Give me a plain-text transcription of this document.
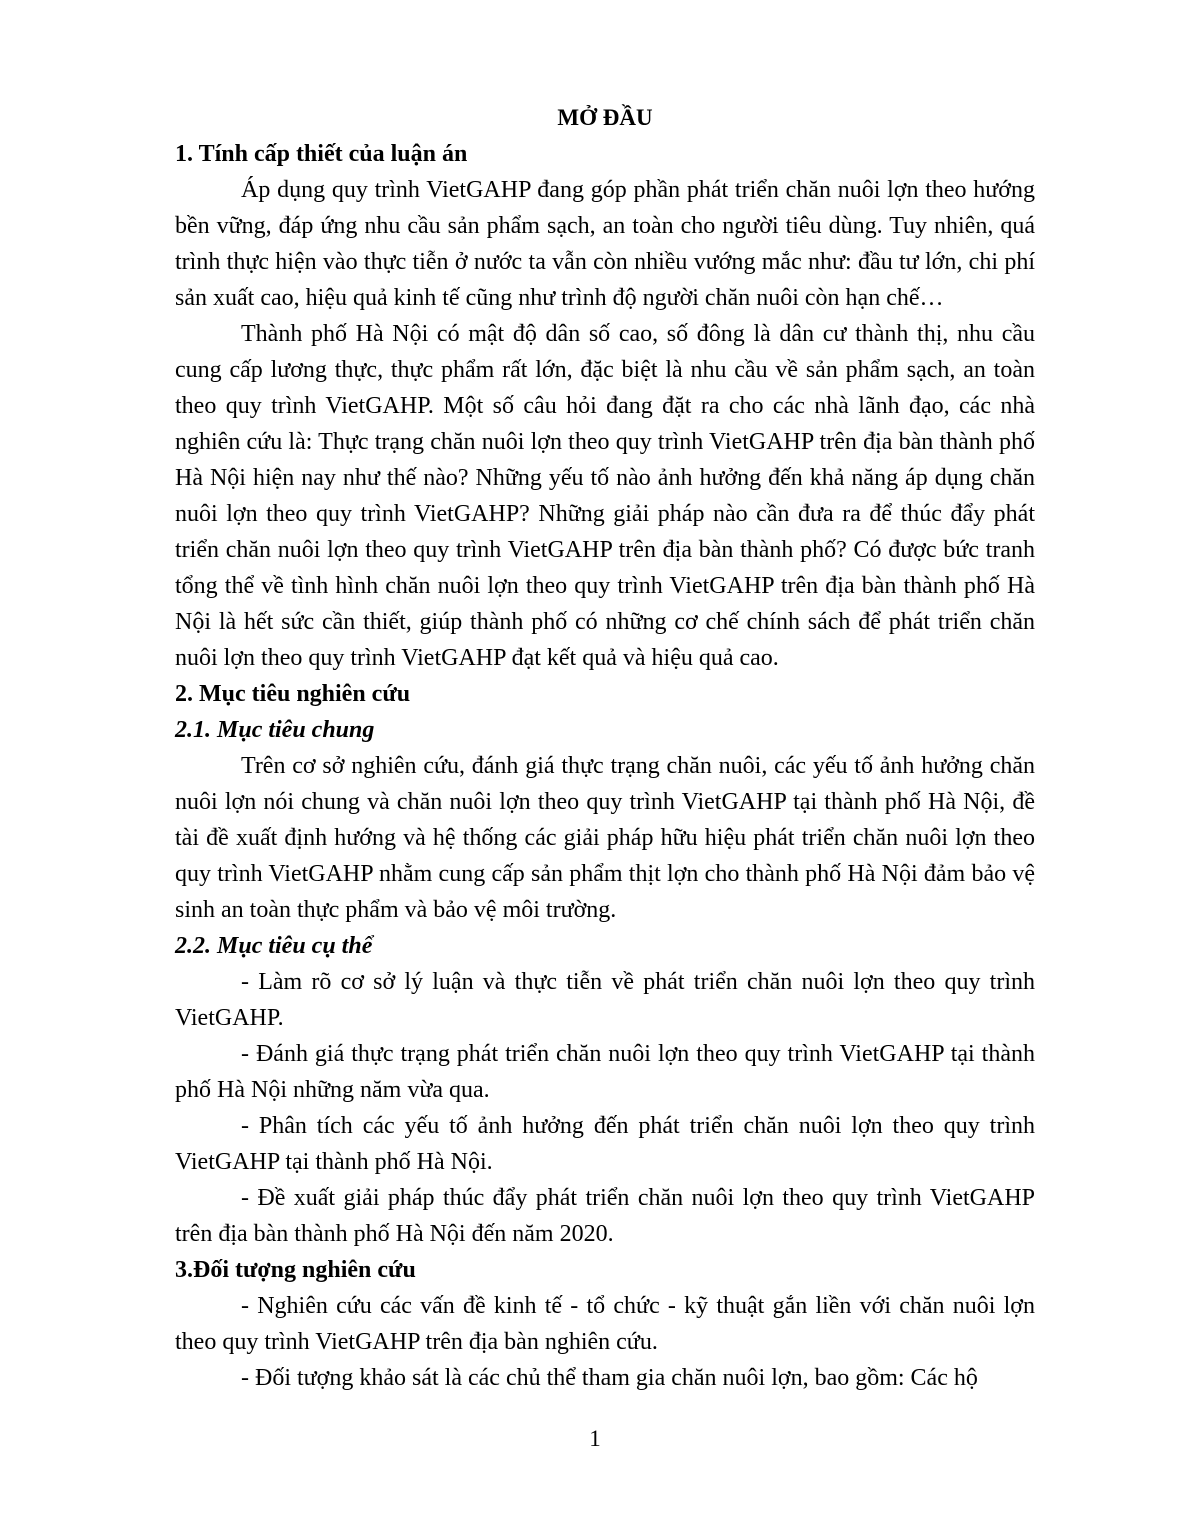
MỞ ĐẦU
1. Tính cấp thiết của luận án

Áp dụng quy trình VietGAHP đang góp phần phát triển chăn nuôi lợn theo hướng bền vững, đáp ứng nhu cầu sản phẩm sạch, an toàn cho người tiêu dùng. Tuy nhiên, quá trình thực hiện vào thực tiễn ở nước ta vẫn còn nhiều vướng mắc như: đầu tư lớn, chi phí sản xuất cao, hiệu quả kinh tế cũng như trình độ người chăn nuôi còn hạn chế…

Thành phố Hà Nội có mật độ dân số cao, số đông là dân cư thành thị, nhu cầu cung cấp lương thực, thực phẩm rất lớn, đặc biệt là nhu cầu về sản phẩm sạch, an toàn theo quy trình VietGAHP. Một số câu hỏi đang đặt ra cho các nhà lãnh đạo, các nhà nghiên cứu là: Thực trạng chăn nuôi lợn theo quy trình VietGAHP trên địa bàn thành phố Hà Nội hiện nay như thế nào? Những yếu tố nào ảnh hưởng đến khả năng áp dụng chăn nuôi lợn theo quy trình VietGAHP? Những giải pháp nào cần đưa ra để thúc đẩy phát triển chăn nuôi lợn theo quy trình VietGAHP trên địa bàn thành phố? Có được bức tranh tổng thể về tình hình chăn nuôi lợn theo quy trình VietGAHP trên địa bàn thành phố Hà Nội là hết sức cần thiết, giúp thành phố có những cơ chế chính sách để phát triển chăn nuôi lợn theo quy trình VietGAHP đạt kết quả và hiệu quả cao.

2. Mục tiêu nghiên cứu
2.1. Mục tiêu chung

Trên cơ sở nghiên cứu, đánh giá thực trạng chăn nuôi, các yếu tố ảnh hưởng chăn nuôi lợn nói chung và chăn nuôi lợn theo quy trình VietGAHP tại thành phố Hà Nội, đề tài đề xuất định hướng và hệ thống các giải pháp hữu hiệu phát triển chăn nuôi lợn theo quy trình VietGAHP nhằm cung cấp sản phẩm thịt lợn cho thành phố Hà Nội đảm bảo vệ sinh an toàn thực phẩm và bảo vệ môi trường.

2.2. Mục tiêu cụ thể

- Làm rõ cơ sở lý luận và thực tiễn về phát triển chăn nuôi lợn theo quy trình VietGAHP.

- Đánh giá thực trạng phát triển chăn nuôi lợn theo quy trình VietGAHP tại thành phố Hà Nội những năm vừa qua.

- Phân tích các yếu tố ảnh hưởng đến phát triển chăn nuôi lợn theo quy trình VietGAHP tại thành phố Hà Nội.

- Đề xuất giải pháp thúc đẩy phát triển chăn nuôi lợn theo quy trình VietGAHP trên địa bàn thành phố Hà Nội đến năm 2020.

3.Đối tượng nghiên cứu

- Nghiên cứu các vấn đề kinh tế - tổ chức - kỹ thuật gắn liền với chăn nuôi lợn theo quy trình VietGAHP trên địa bàn nghiên cứu.

- Đối tượng khảo sát là các chủ thể tham gia chăn nuôi lợn, bao gồm: Các hộ

1
